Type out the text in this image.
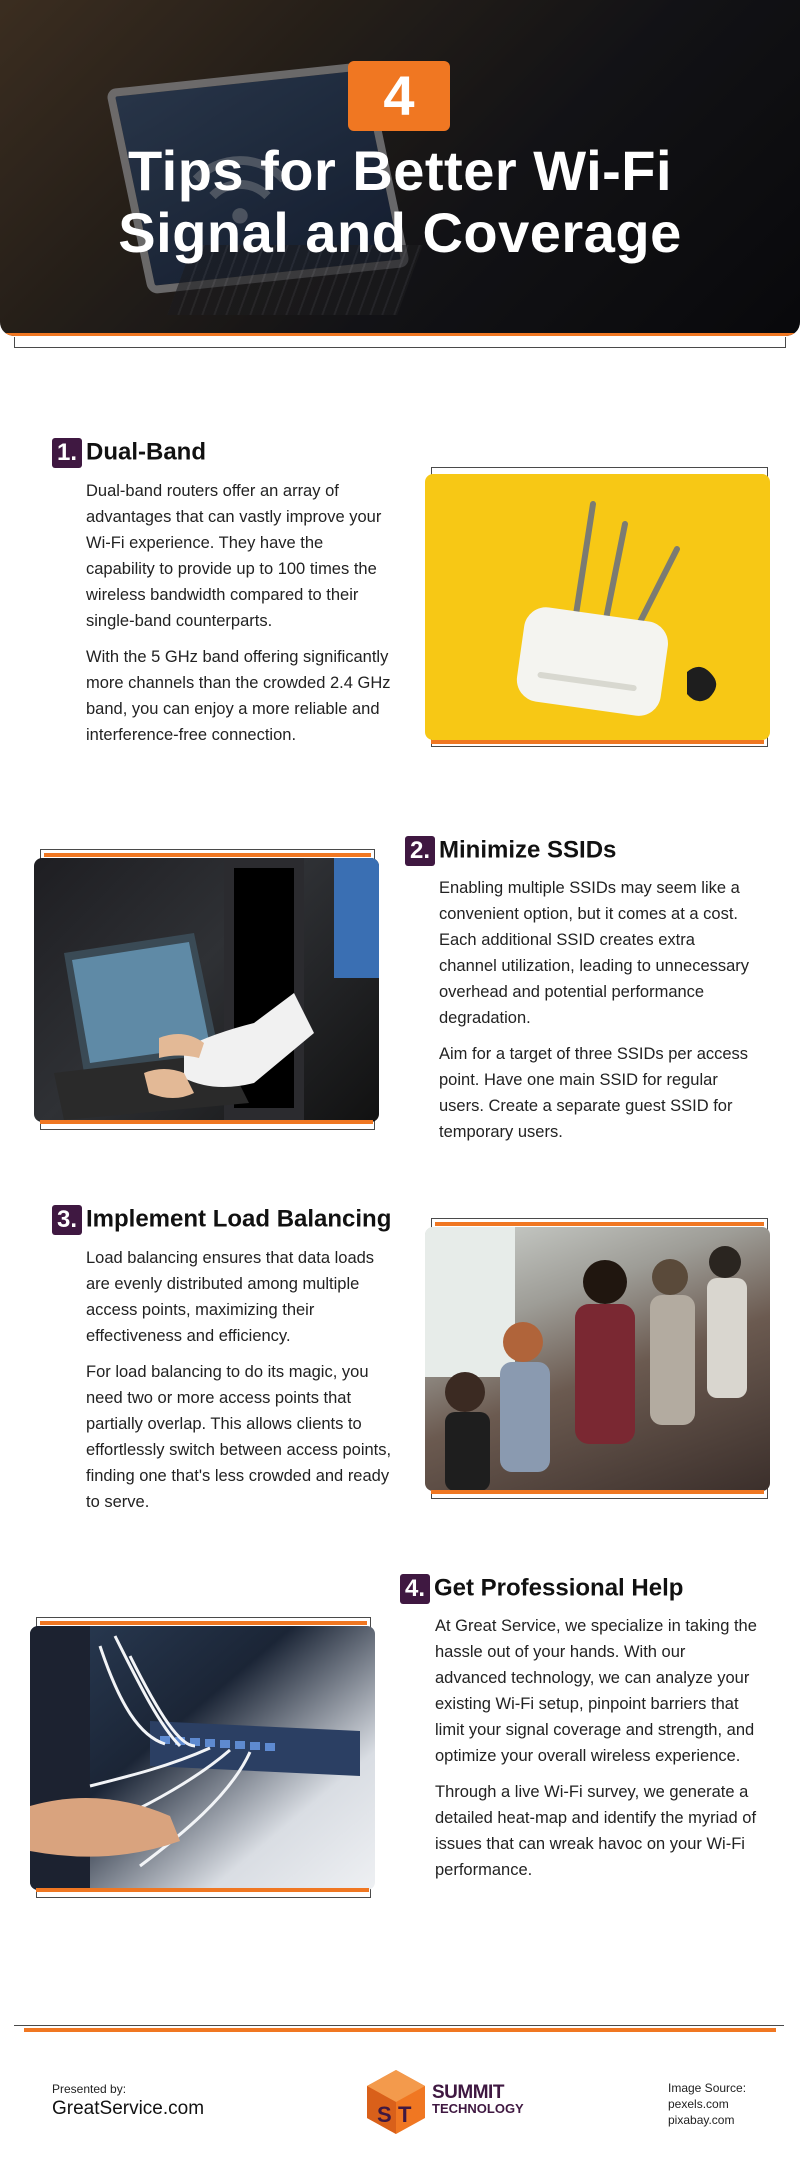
4
Tips for Better Wi-Fi
Signal and Coverage
1. Dual-Band

Dual-band routers offer an array of advantages that can vastly improve your Wi-Fi experience. They have the capability to provide up to 100 times the wireless bandwidth compared to their single-band counterparts.

With the 5 GHz band offering significantly more channels than the crowded 2.4 GHz band, you can enjoy a more reliable and interference-free connection.

2. Minimize SSIDs

Enabling multiple SSIDs may seem like a convenient option, but it comes at a cost. Each additional SSID creates extra channel utilization, leading to unnecessary overhead and potential performance degradation.

Aim for a target of three SSIDs per access point. Have one main SSID for regular users. Create a separate guest SSID for temporary users.

3. Implement Load Balancing

Load balancing ensures that data loads are evenly distributed among multiple access points, maximizing their effectiveness and efficiency.

For load balancing to do its magic, you need two or more access points that partially overlap. This allows clients to effortlessly switch between access points, finding one that's less crowded and ready to serve.

4. Get Professional Help

At Great Service, we specialize in taking the hassle out of your hands. With our advanced technology, we can analyze your existing Wi-Fi setup, pinpoint barriers that limit your signal coverage and strength, and optimize your overall wireless experience.

Through a live Wi-Fi survey, we generate a detailed heat-map and identify the myriad of issues that can wreak havoc on your Wi-Fi performance.

Presented by:
GreatService.com	S T
SUMMIT
TECHNOLOGY
Image Source:
pexels.com
pixabay.com
